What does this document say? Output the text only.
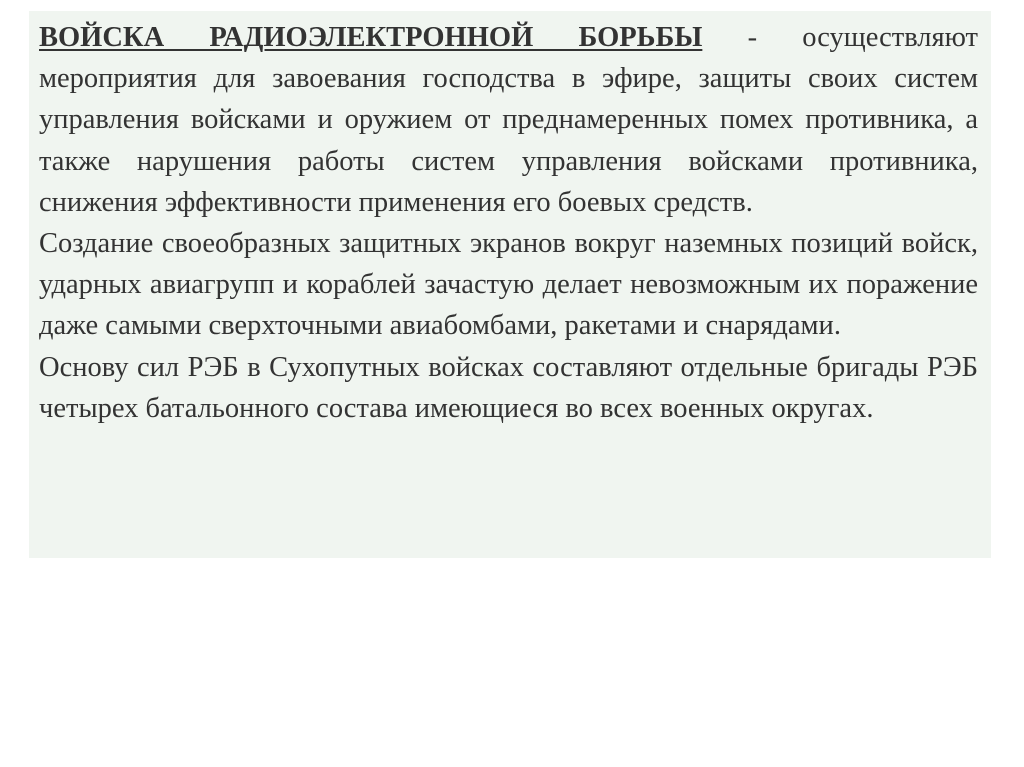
ВОЙСКА РАДИОЭЛЕКТРОННОЙ БОРЬБЫ - осуществляют мероприятия для завоевания господства в эфире, защиты своих систем управления войсками и оружием от преднамеренных помех противника, а также нарушения работы систем управления войсками противника, снижения эффективности применения его боевых средств.

Создание своеобразных защитных экранов вокруг наземных позиций войск, ударных авиагрупп и кораблей зачастую делает невозможным их поражение даже самыми сверхточными авиабомбами, ракетами и снарядами.

Основу сил РЭБ в Сухопутных войсках составляют отдельные бригады РЭБ четырех батальонного состава имеющиеся во всех военных округах.
